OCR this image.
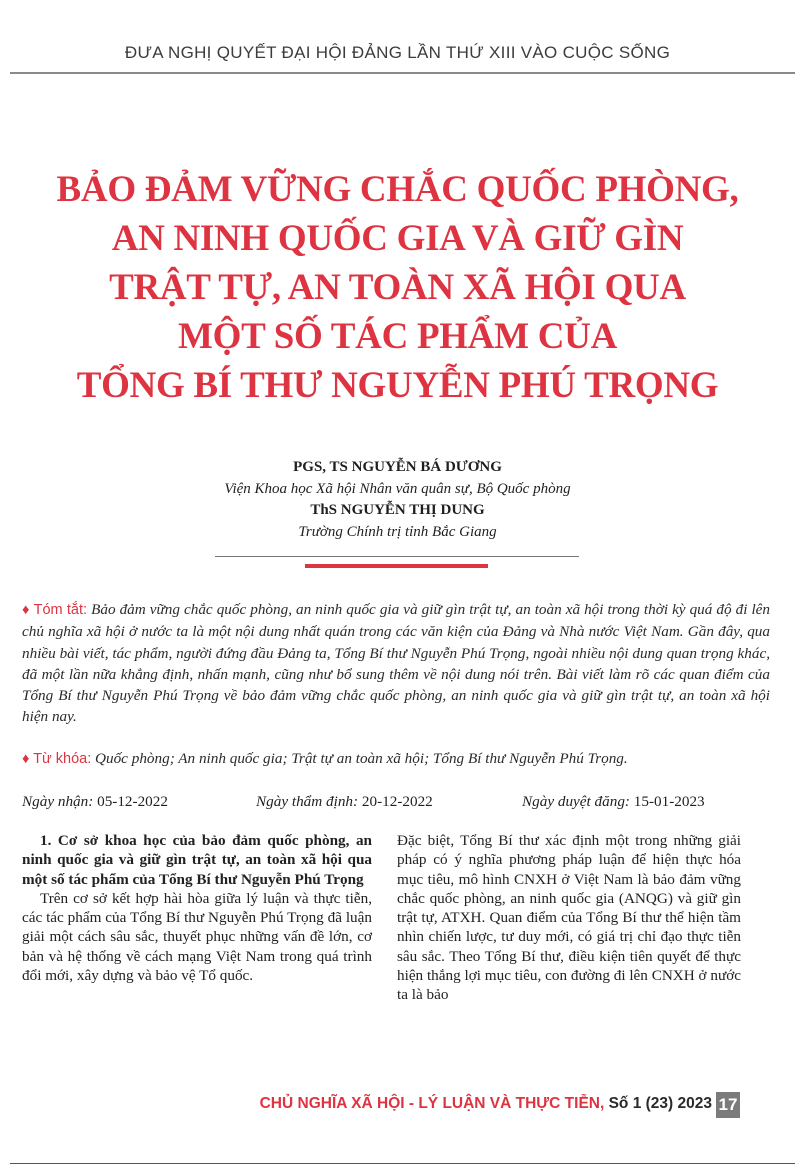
ĐƯA NGHỊ QUYẾT ĐẠI HỘI ĐẢNG LẦN THỨ XIII VÀO CUỘC SỐNG
BẢO ĐẢM VỮNG CHẮC QUỐC PHÒNG,
AN NINH QUỐC GIA VÀ GIỮ GÌN
TRẬT TỰ, AN TOÀN XÃ HỘI QUA
MỘT SỐ TÁC PHẨM CỦA
TỔNG BÍ THƯ NGUYỄN PHÚ TRỌNG
PGS, TS NGUYỄN BÁ DƯƠNG
Viện Khoa học Xã hội Nhân văn quân sự, Bộ Quốc phòng
ThS NGUYỄN THỊ DUNG
Trường Chính trị tỉnh Bắc Giang
♦ Tóm tắt: Bảo đảm vững chắc quốc phòng, an ninh quốc gia và giữ gìn trật tự, an toàn xã hội trong thời kỳ quá độ đi lên chủ nghĩa xã hội ở nước ta là một nội dung nhất quán trong các văn kiện của Đảng và Nhà nước Việt Nam. Gần đây, qua nhiều bài viết, tác phẩm, người đứng đầu Đảng ta, Tổng Bí thư Nguyễn Phú Trọng, ngoài nhiều nội dung quan trọng khác, đã một lần nữa khẳng định, nhấn mạnh, cũng như bổ sung thêm về nội dung nói trên. Bài viết làm rõ các quan điểm của Tổng Bí thư Nguyễn Phú Trọng về bảo đảm vững chắc quốc phòng, an ninh quốc gia và giữ gìn trật tự, an toàn xã hội hiện nay.
♦ Từ khóa: Quốc phòng; An ninh quốc gia; Trật tự an toàn xã hội; Tổng Bí thư Nguyễn Phú Trọng.
Ngày nhận: 05-12-2022	Ngày thẩm định: 20-12-2022	Ngày duyệt đăng: 15-01-2023

1. Cơ sở khoa học của bảo đảm quốc phòng, an ninh quốc gia và giữ gìn trật tự, an toàn xã hội qua một số tác phẩm của Tổng Bí thư Nguyễn Phú Trọng

Trên cơ sở kết hợp hài hòa giữa lý luận và thực tiễn, các tác phẩm của Tổng Bí thư Nguyễn Phú Trọng đã luận giải một cách sâu sắc, thuyết phục những vấn đề lớn, cơ bản và hệ thống về cách mạng Việt Nam trong quá trình đổi mới, xây dựng và bảo vệ Tổ quốc.

Đặc biệt, Tổng Bí thư xác định một trong những giải pháp có ý nghĩa phương pháp luận để hiện thực hóa mục tiêu, mô hình CNXH ở Việt Nam là bảo đảm vững chắc quốc phòng, an ninh quốc gia (ANQG) và giữ gìn trật tự, ATXH. Quan điểm của Tổng Bí thư thể hiện tầm nhìn chiến lược, tư duy mới, có giá trị chỉ đạo thực tiễn sâu sắc. Theo Tổng Bí thư, điều kiện tiên quyết để thực hiện thắng lợi mục tiêu, con đường đi lên CNXH ở nước ta là bảo

CHỦ NGHĨA XÃ HỘI - LÝ LUẬN VÀ THỰC TIỄN, Số 1 (23) 2023 17
